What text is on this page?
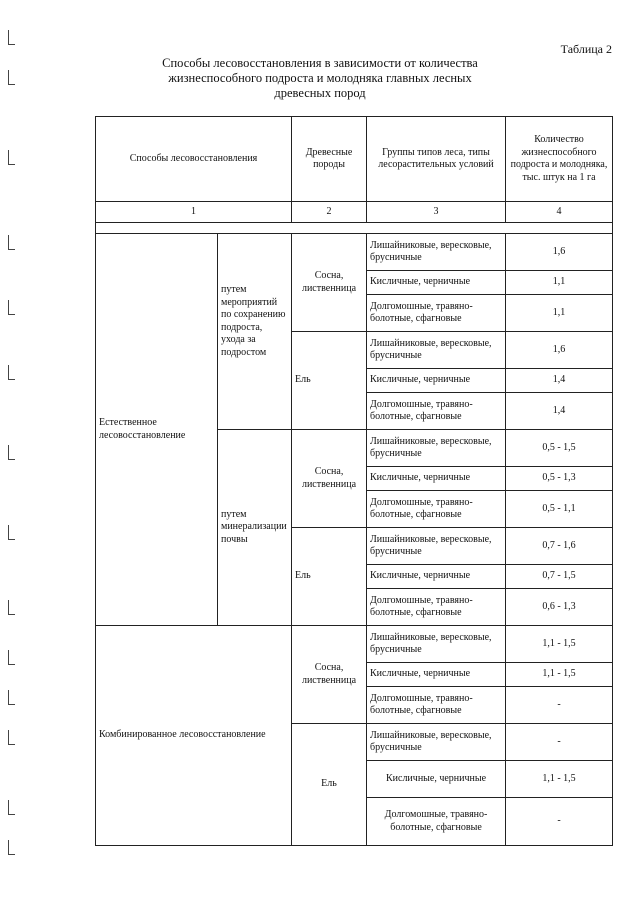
Таблица 2
Способы лесовосстановления в зависимости от количества жизнеспособного подроста и молодняка главных лесных древесных пород
Способы лесовосстановления		Древесные породы	Группы типов леса, типы лесорастительных условий	Количество жизнеспособного подроста и молодняка, тыс. штук на 1 га
1		2	3	4

Естественное лесовосстановление	путем мероприятий по сохранению подроста, ухода за подростом	Сосна, лиственница	Лишайниковые, вересковые, брусничные	1,6
			Кисличные, черничные	1,1
			Долгомошные, травяно-болотные, сфагновые	1,1
		Ель	Лишайниковые, вересковые, брусничные	1,6
			Кисличные, черничные	1,4
			Долгомошные, травяно-болотные, сфагновые	1,4
	путем минерализации почвы	Сосна, лиственница	Лишайниковые, вересковые, брусничные	0,5 - 1,5
			Кисличные, черничные	0,5 - 1,3
			Долгомошные, травяно-болотные, сфагновые	0,5 - 1,1
		Ель	Лишайниковые, вересковые, брусничные	0,7 - 1,6
			Кисличные, черничные	0,7 - 1,5
			Долгомошные, травяно-болотные, сфагновые	0,6 - 1,3
Комбинированное лесовосстановление		Сосна, лиственница	Лишайниковые, вересковые, брусничные	1,1 - 1,5
			Кисличные, черничные	1,1 - 1,5
			Долгомошные, травяно-болотные, сфагновые	-
		Ель	Лишайниковые, вересковые, брусничные	-
			Кисличные, черничные	1,1 - 1,5
			Долгомошные, травяно-болотные, сфагновые	-
